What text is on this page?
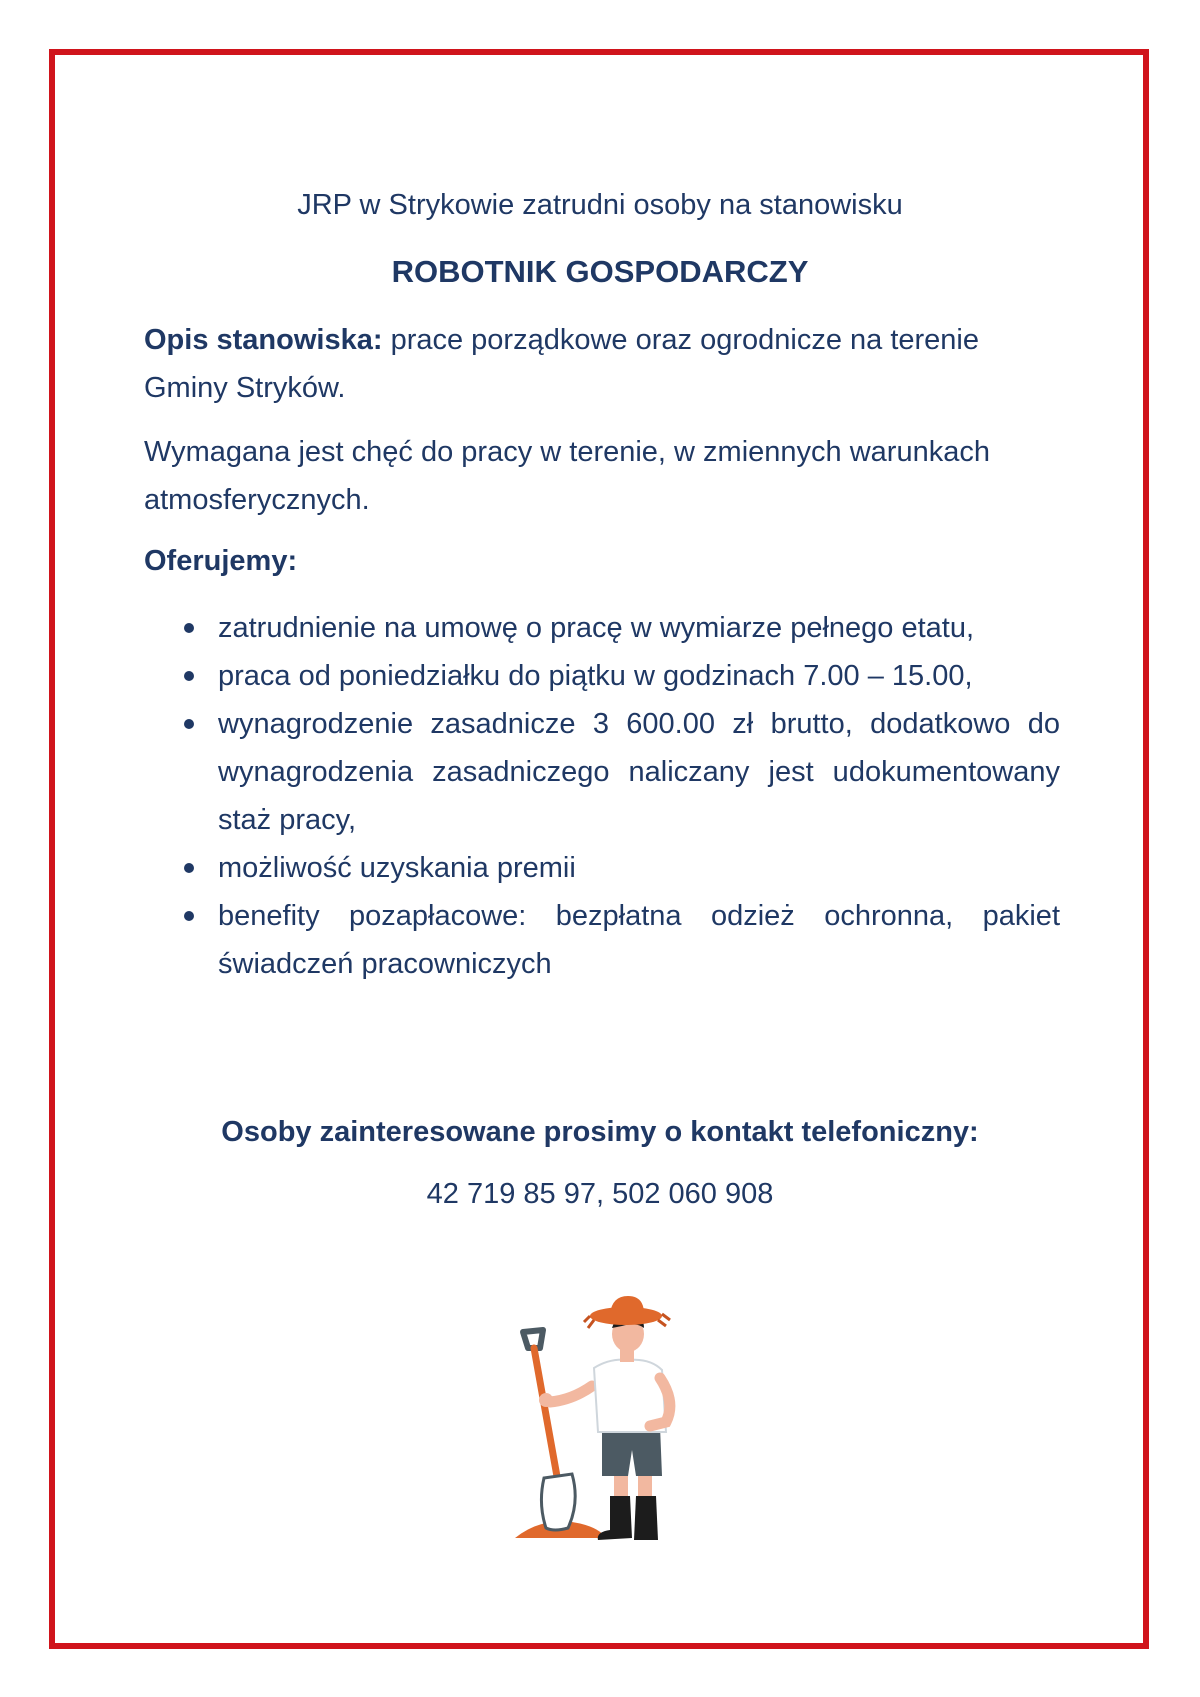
JRP w Strykowie zatrudni osoby na stanowisku
ROBOTNIK GOSPODARCZY
Opis stanowiska: prace porządkowe oraz ogrodnicze na terenie Gminy Stryków.
Wymagana jest chęć do pracy w terenie, w zmiennych warunkach atmosferycznych.
Oferujemy:
zatrudnienie na umowę o pracę w wymiarze pełnego etatu,
praca od poniedziałku do piątku w godzinach 7.00 – 15.00,
wynagrodzenie zasadnicze 3 600.00 zł brutto, dodatkowo do wynagrodzenia zasadniczego naliczany jest udokumentowany staż pracy,
możliwość uzyskania premii
benefity pozapłacowe: bezpłatna odzież ochronna, pakiet świadczeń pracowniczych
Osoby zainteresowane prosimy o kontakt telefoniczny:
42 719 85 97, 502 060 908
